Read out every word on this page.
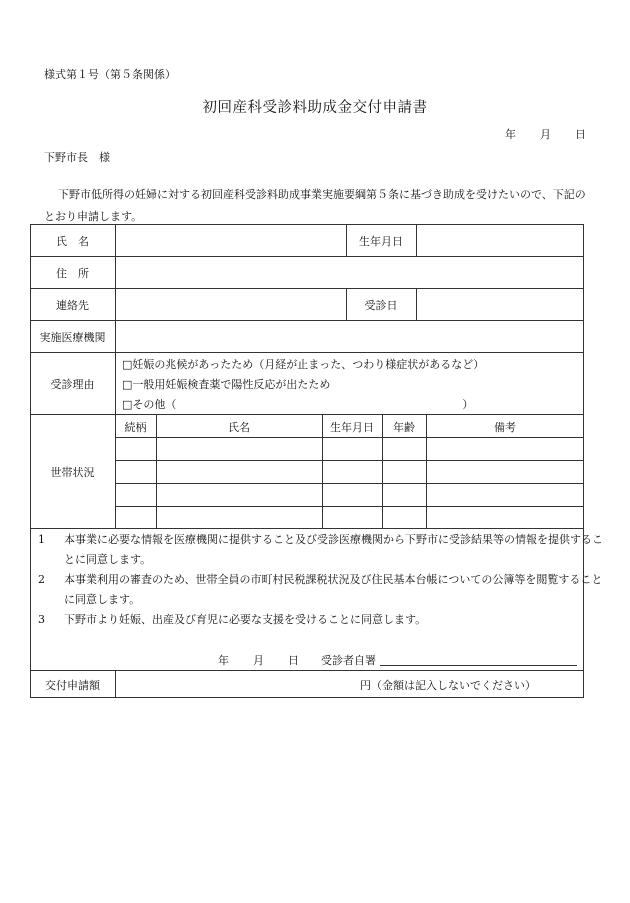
様式第１号（第５条関係）
初回産科受診料助成金交付申請書
年 月 日
下野市長　様
下野市低所得の妊婦に対する初回産科受診料助成事業実施要綱第５条に基づき助成を受けたいので、下記のとおり申請します。
氏　名	生年月日
住　所
連絡先	受診日
実施医療機関
受診理由
□妊娠の兆候があったため（月経が止まった、つわり様症状があるなど）
□一般用妊娠検査薬で陽性反応が出たため
□その他（　　　　　　　　　　　　　　　　　　　　　　　　　　）
世帯状況
続柄	氏名	生年月日	年齢	備考
1 本事業に必要な情報を医療機関に提供すること及び受診医療機関から下野市に受診結果等の情報を提供することに同意します。
2 本事業利用の審査のため、世帯全員の市町村民税課税状況及び住民基本台帳についての公簿等を閲覧することに同意します。
3 下野市より妊娠、出産及び育児に必要な支援を受けることに同意します。
年 月 日 受診者自署
交付申請額	円（金額は記入しないでください）
